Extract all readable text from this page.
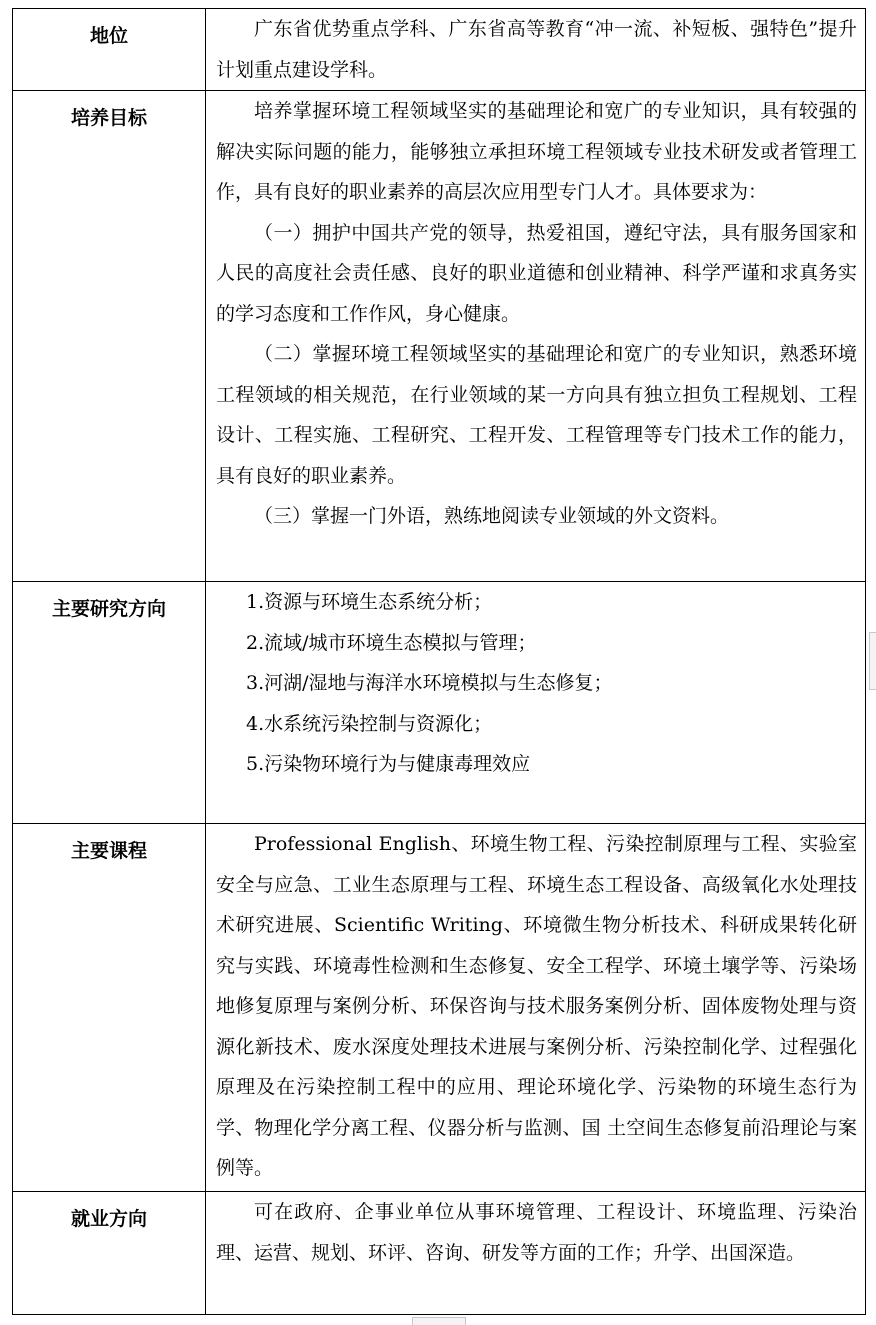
地位	广东省优势重点学科、广东省高等教育“冲一流、补短板、强特色”提升计划重点建设学科。

培养目标	培养掌握环境工程领域坚实的基础理论和宽广的专业知识，具有较强的解决实际问题的能力，能够独立承担环境工程领域专业技术研发或者管理工作，具有良好的职业素养的高层次应用型专门人才。具体要求为：

（一）拥护中国共产党的领导，热爱祖国，遵纪守法，具有服务国家和人民的高度社会责任感、良好的职业道德和创业精神、科学严谨和求真务实的学习态度和工作作风，身心健康。

（二）掌握环境工程领域坚实的基础理论和宽广的专业知识，熟悉环境工程领域的相关规范，在行业领域的某一方向具有独立担负工程规划、工程设计、工程实施、工程研究、工程开发、工程管理等专门技术工作的能力，具有良好的职业素养。

（三）掌握一门外语，熟练地阅读专业领域的外文资料。

主要研究方向	1.资源与环境生态系统分析；

2.流域/城市环境生态模拟与管理；

3.河湖/湿地与海洋水环境模拟与生态修复；

4.水系统污染控制与资源化；

5.污染物环境行为与健康毒理效应

主要课程	Professional English、环境生物工程、污染控制原理与工程、实验室安全与应急、工业生态原理与工程、环境生态工程设备、高级氧化水处理技术研究进展、Scientific Writing、环境微生物分析技术、科研成果转化研究与实践、环境毒性检测和生态修复、安全工程学、环境土壤学等、污染场地修复原理与案例分析、环保咨询与技术服务案例分析、固体废物处理与资源化新技术、废水深度处理技术进展与案例分析、污染控制化学、过程强化原理及在污染控制工程中的应用、理论环境化学、污染物的环境生态行为学、物理化学分离工程、仪器分析与监测、国 土空间生态修复前沿理论与案例等。

就业方向	可在政府、企事业单位从事环境管理、工程设计、环境监理、污染治理、运营、规划、环评、咨询、研发等方面的工作；升学、出国深造。
